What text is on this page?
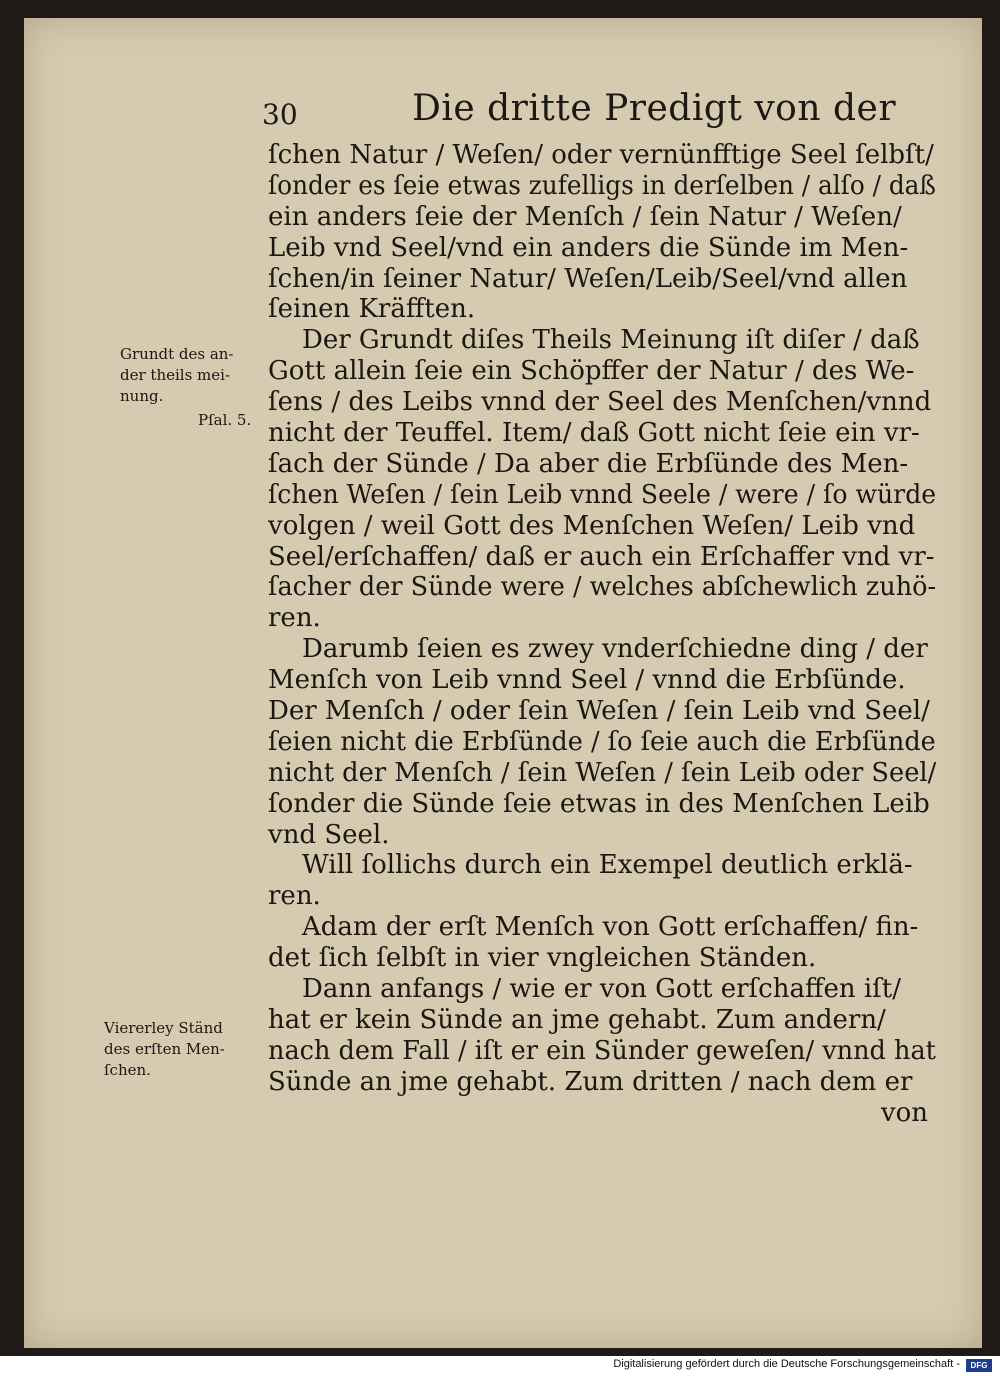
30	Die dritte Predigt von der
ſchen Natur / Weſen/ oder vernünfftige Seel ſelbſt/
ſonder es ſeie etwas zufelligs in derſelben / alſo / daß
ein anders ſeie der Menſch / ſein Natur / Weſen/
Leib vnd Seel/vnd ein anders die Sünde im Men-
ſchen/in ſeiner Natur/ Weſen/Leib/Seel/vnd allen
ſeinen Kräfften.
Der Grundt diſes Theils Meinung iſt diſer / daß
Gott allein ſeie ein Schöpffer der Natur / des We-
ſens / des Leibs vnnd der Seel des Menſchen/vnnd
nicht der Teuffel. Item/ daß Gott nicht ſeie ein vr-
ſach der Sünde / Da aber die Erbſünde des Men-
ſchen Weſen / ſein Leib vnnd Seele / were / ſo würde
volgen / weil Gott des Menſchen Weſen/ Leib vnd
Seel/erſchaffen/ daß er auch ein Erſchaffer vnd vr-
ſacher der Sünde were / welches abſchewlich zuhö-
ren.
Darumb ſeien es zwey vnderſchiedne ding / der
Menſch von Leib vnnd Seel / vnnd die Erbſünde.
Der Menſch / oder ſein Weſen / ſein Leib vnd Seel/
ſeien nicht die Erbſünde / ſo ſeie auch die Erbſünde
nicht der Menſch / ſein Weſen / ſein Leib oder Seel/
ſonder die Sünde ſeie etwas in des Menſchen Leib
vnd Seel.
Will ſollichs durch ein Exempel deutlich erklä-
ren.
Adam der erſt Menſch von Gott erſchaffen/ fin-
det ſich ſelbſt in vier vngleichen Ständen.
Dann anfangs / wie er von Gott erſchaffen iſt/
hat er kein Sünde an jme gehabt. Zum andern/
nach dem Fall / iſt er ein Sünder geweſen/ vnnd hat
Sünde an jme gehabt. Zum dritten / nach dem er
von
Grundt des an-
der theils mei-
nung.
Pſal. 5.
Viererley Ständ
des erſten Men-
ſchen.
Digitalisierung gefördert durch die Deutsche Forschungsgemeinschaft -	DFG
